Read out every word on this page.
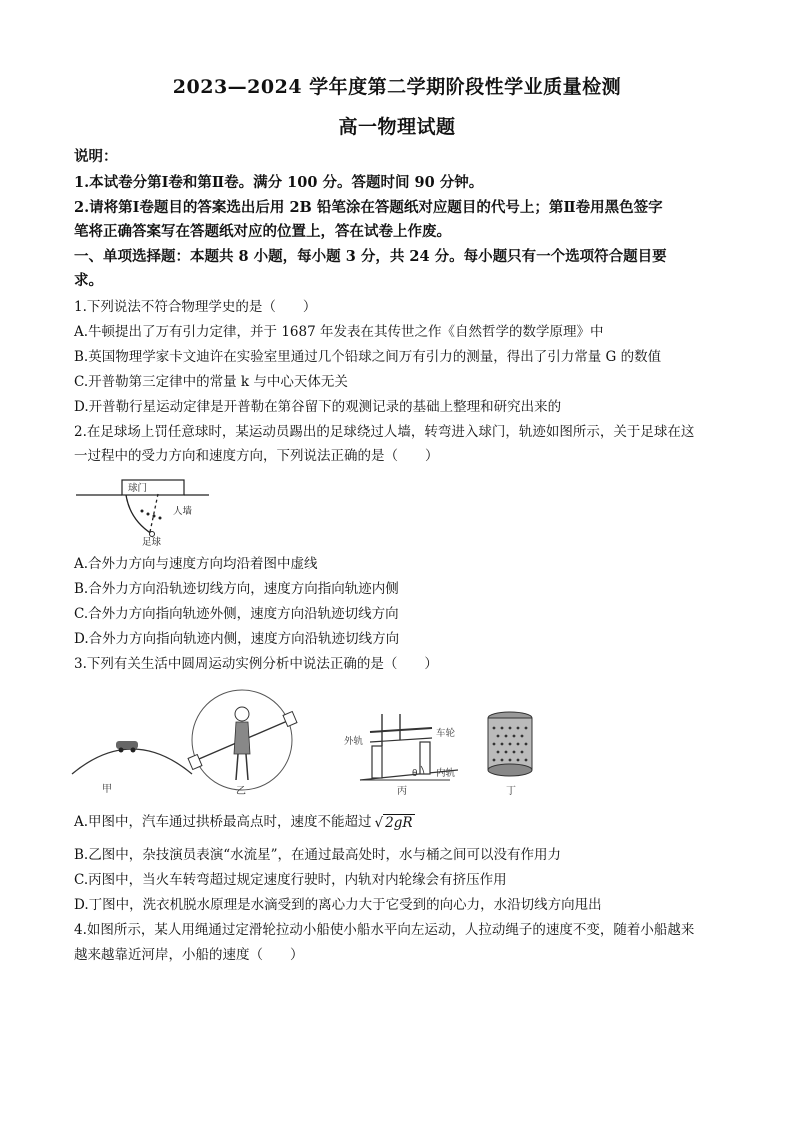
2023—2024 学年度第二学期阶段性学业质量检测
高一物理试题
说明：
1.本试卷分第Ⅰ卷和第Ⅱ卷。满分 100 分。答题时间 90 分钟。
2.请将第Ⅰ卷题目的答案选出后用 2B 铅笔涂在答题纸对应题目的代号上；第Ⅱ卷用黑色签字
笔将正确答案写在答题纸对应的位置上，答在试卷上作废。
一、单项选择题：本题共 8 小题，每小题 3 分，共 24 分。每小题只有一个选项符合题目要
求。
1.下列说法不符合物理学史的是（　　）
A.牛顿提出了万有引力定律，并于 1687 年发表在其传世之作《自然哲学的数学原理》中
B.英国物理学家卡文迪许在实验室里通过几个铅球之间万有引力的测量，得出了引力常量 G 的数值
C.开普勒第三定律中的常量 k 与中心天体无关
D.开普勒行星运动定律是开普勒在第谷留下的观测记录的基础上整理和研究出来的
2.在足球场上罚任意球时，某运动员踢出的足球绕过人墙，转弯进入球门，轨迹如图所示，关于足球在这
一过程中的受力方向和速度方向，下列说法正确的是（　　）
球门
人墙
足球
A.合外力方向与速度方向均沿着图中虚线
B.合外力方向沿轨迹切线方向，速度方向指向轨迹内侧
C.合外力方向指向轨迹外侧，速度方向沿轨迹切线方向
D.合外力方向指向轨迹内侧，速度方向沿轨迹切线方向
3.下列有关生活中圆周运动实例分析中说法正确的是（　　）
甲	乙
θ
外轨
车轮
内轨
丙	丁
A.甲图中，汽车通过拱桥最高点时，速度不能超过 √ 2gR
B.乙图中，杂技演员表演“水流星”，在通过最高处时，水与桶之间可以没有作用力
C.丙图中，当火车转弯超过规定速度行驶时，内轨对内轮缘会有挤压作用
D.丁图中，洗衣机脱水原理是水滴受到的离心力大于它受到的向心力，水沿切线方向甩出
4.如图所示，某人用绳通过定滑轮拉动小船使小船水平向左运动，人拉动绳子的速度不变，随着小船越来
越来越靠近河岸，小船的速度（　　）
